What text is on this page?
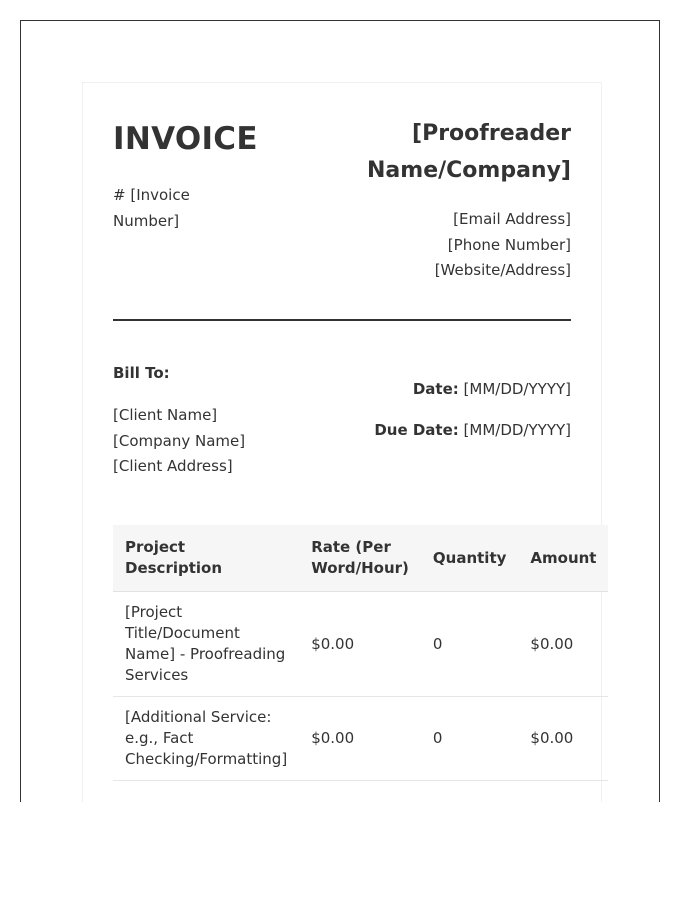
INVOICE
# [Invoice Number]
[Proofreader Name/Company]
[Email Address]
[Phone Number]
[Website/Address]
Bill To:
[Client Name]
[Company Name]
[Client Address]
Date: [MM/DD/YYYY]
Due Date: [MM/DD/YYYY]
Project Description	Rate (Per Word/Hour)	Quantity	Amount
[Project Title/Document Name] - Proofreading Services	$0.00	0	$0.00
[Additional Service: e.g., Fact Checking/Formatting]	$0.00	0	$0.00
